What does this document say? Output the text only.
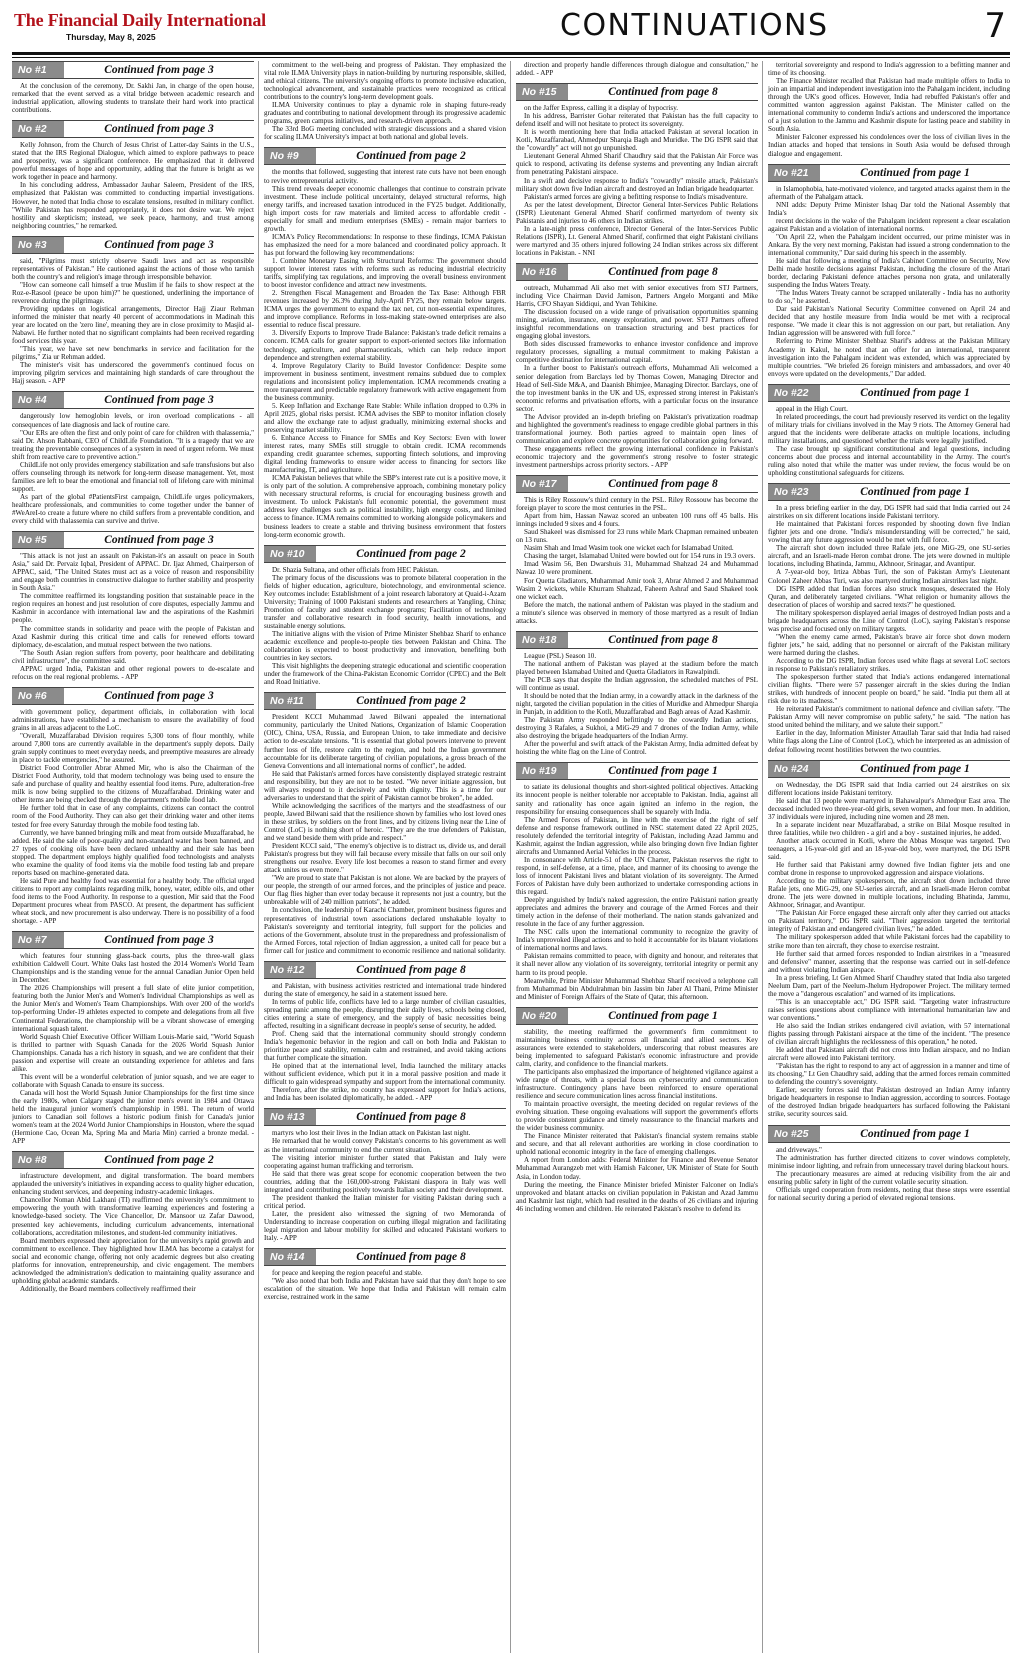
The Financial Daily International
Thursday, May 8, 2025	CONTINUATIONS	7
No #1	Continued from page 3

At the conclusion of the ceremony, Dr. Sakhi Jan, in charge of the open house, remarked that the event served as a vital bridge between academic research and industrial application, allowing students to translate their hard work into practical contributions.

No #2	Continued from page 3

Kelly Johnson, from the Church of Jesus Christ of Latter-day Saints in the U.S., stated that the IRS Regional Dialogue, which aimed to explore pathways to peace and prosperity, was a significant conference. He emphasized that it delivered powerful messages of hope and opportunity, adding that the future is bright as we work together in peace and harmony.

In his concluding address, Ambassador Jauhar Saleem, President of the IRS, emphasized that Pakistan was committed to conducting impartial investigations. However, he noted that India chose to escalate tensions, resulted in military conflict. "While Pakistan has responded appropriately, it does not desire war. We reject hostility and skepticism; instead, we seek peace, harmony, and trust among neighboring countries," he remarked.

No #3	Continued from page 3

said, "Pilgrims must strictly observe Saudi laws and act as responsible representatives of Pakistan." He cautioned against the actions of those who tarnish both the country's and religion's image through irresponsible behavior.

"How can someone call himself a true Muslim if he fails to show respect at the Roz-e-Rasool (peace be upon him)?" he questioned, underlining the importance of reverence during the pilgrimage.

Providing updates on logistical arrangements, Director Hajj Ziaur Rehman informed the minister that nearly 40 percent of accommodations in Madinah this year are located on the 'zero line', meaning they are in close proximity to Masjid al-Nabawi. He further noted that no significant complaints had been received regarding food services this year.

"This year, we have set new benchmarks in service and facilitation for the pilgrims," Zia ur Rehman added.

The minister's visit has underscored the government's continued focus on improving pilgrim services and maintaining high standards of care throughout the Hajj season. - APP

No #4	Continued from page 3

dangerously low hemoglobin levels, or iron overload complications - all consequences of late diagnosis and lack of routine care.

"Our ERs are often the first and only point of care for children with thalassemia," said Dr. Ahson Rabbani, CEO of ChildLife Foundation. "It is a tragedy that we are treating the preventable consequences of a system in need of urgent reform. We must shift from reactive care to preventive action."

ChildLife not only provides emergency stabilization and safe transfusions but also offers counseling through its network for long-term disease management. Yet, most families are left to bear the emotional and financial toll of lifelong care with minimal support.

As part of the global #PatientsFirst campaign, ChildLife urges policymakers, healthcare professionals, and communities to come together under the banner of #WeAreI-to create a future where no child suffers from a preventable condition, and every child with thalassemia can survive and thrive.

No #5	Continued from page 3

"This attack is not just an assault on Pakistan-it's an assault on peace in South Asia," said Dr. Pervaiz Iqbal, President of APPAC. Dr. Ijaz Ahmed, Chairperson of APPAC, said, "The United States must act as a voice of reason and responsibility and engage both countries in constructive dialogue to further stability and prosperity in South Asia."

The committee reaffirmed its longstanding position that sustainable peace in the region requires an honest and just resolution of core disputes, especially Jammu and Kashmir in accordance with international law and the aspirations of the Kashmiri people.

The committee stands in solidarity and peace with the people of Pakistan and Azad Kashmir during this critical time and calls for renewed efforts toward diplomacy, de-escalation, and mutual respect between the two nations.

"The South Asian region suffers from poverty, poor healthcare and debilitating civil infrastructure", the committee said.

APPAC urged India, Pakistan and other regional powers to de-escalate and refocus on the real regional problems. - APP

No #6	Continued from page 3

with government policy, department officials, in collaboration with local administrations, have established a mechanism to ensure the availability of food grains in all areas adjacent to the LoC.

"Overall, Muzaffarabad Division requires 5,300 tons of flour monthly, while around 7,800 tons are currently available in the department's supply depots. Daily grain supply continues to meet everyday needs, and preemptive measures are already in place to tackle emergencies," he assured.

District Food Controller Abrar Ahmed Mir, who is also the Chairman of the District Food Authority, told that modern technology was being used to ensure the safe and purchase of quality and healthy essential food items. Pure, adulteration-free milk is now being supplied to the citizens of Muzaffarabad. Drinking water and other items are being checked through the department's mobile food lab.

He further told that in case of any complaints, citizens can contact the control room of the Food Authority. They can also get their drinking water and other items tested for free every Saturday through the mobile food testing lab.

Currently, we have banned bringing milk and meat from outside Muzaffarabad, he added. He said the sale of poor-quality and non-standard water has been banned, and 27 types of cooking oils have been declared unhealthy and their sale has been stopped. The department employs highly qualified food technologists and analysts who examine the quality of food items via the mobile food testing lab and prepare reports based on machine-generated data.

He said Pure and healthy food was essential for a healthy body. The official urged citizens to report any complaints regarding milk, honey, water, edible oils, and other food items to the Food Authority. In response to a question, Mir said that the Food Department procures wheat from PASCO. At present, the department has sufficient wheat stock, and new procurement is also underway. There is no possibility of a food shortage. - APP

No #7	Continued from page 3

which features four stunning glass-back courts, plus the three-wall glass exhibition Caldwell Court. White Oaks last hosted the 2014 Women's World Team Championships and is the standing venue for the annual Canadian Junior Open held in December.

The 2026 Championships will present a full slate of elite junior competition, featuring both the Junior Men's and Women's Individual Championships as well as the Junior Men's and Women's Team Championships. With over 200 of the world's top-performing Under-19 athletes expected to compete and delegations from all five Continental Federations, the championship will be a vibrant showcase of emerging international squash talent.

World Squash Chief Executive Officer William Louis-Marie said, "World Squash is thrilled to partner with Squash Canada for the 2026 World Squash Junior Championships. Canada has a rich history in squash, and we are confident that their passion and expertise will create an outstanding experience for athletes and fans alike.

This event will be a wonderful celebration of junior squash, and we are eager to collaborate with Squash Canada to ensure its success.

Canada will host the World Squash Junior Championships for the first time since the early 1980s, when Calgary staged the junior men's event in 1984 and Ottawa held the inaugural junior women's championship in 1981. The return of world juniors to Canadian soil follows a historic podium finish for Canada's junior women's team at the 2024 World Junior Championships in Houston, where the squad (Hermione Cao, Ocean Ma, Spring Ma and Maria Min) carried a bronze medal. - APP

No #8	Continued from page 2

infrastructure development, and digital transformation. The board members applauded the university's initiatives in expanding access to quality higher education, enhancing student services, and deepening industry-academic linkages.

Chancellor Noman Abid Lakhani (TI) reaffirmed the university's commitment to empowering the youth with transformative learning experiences and fostering a knowledge-based society. The Vice Chancellor, Dr. Mansoor uz Zafar Dawood, presented key achievements, including curriculum advancements, international collaborations, accreditation milestones, and student-led community initiatives.

Board members expressed their appreciation for the university's rapid growth and commitment to excellence. They highlighted how ILMA has become a catalyst for social and economic change, offering not only academic degrees but also creating platforms for innovation, entrepreneurship, and civic engagement. The members acknowledged the administration's dedication to maintaining quality assurance and upholding global academic standards.

Additionally, the Board members collectively reaffirmed their

commitment to the well-being and progress of Pakistan. They emphasized the vital role ILMA University plays in nation-building by nurturing responsible, skilled, and ethical citizens. The university's ongoing efforts to promote inclusive education, technological advancement, and sustainable practices were recognized as critical contributions to the country's long-term development goals.

ILMA University continues to play a dynamic role in shaping future-ready graduates and contributing to national development through its progressive academic programs, green campus initiatives, and research-driven approach.

The 33rd BoG meeting concluded with strategic discussions and a shared vision for scaling ILMA University's impact at both national and global levels.

No #9	Continued from page 2

the months that followed, suggesting that interest rate cuts have not been enough to revive entrepreneurial activity.

This trend reveals deeper economic challenges that continue to constrain private investment. These include political uncertainty, delayed structural reforms, high energy tariffs, and increased taxation introduced in the FY25 budget. Additionally, high import costs for raw materials and limited access to affordable credit - especially for small and medium enterprises (SMEs) - remain major barriers to growth.

ICMA's Policy Recommendations: In response to these findings, ICMA Pakistan has emphasized the need for a more balanced and coordinated policy approach. It has put forward the following key recommendations:

1. Combine Monetary Easing with Structural Reforms: The government should support lower interest rates with reforms such as reducing industrial electricity tariffs, simplifying tax regulations, and improving the overall business environment to boost investor confidence and attract new investments.

2. Strengthen Fiscal Management and Broaden the Tax Base: Although FBR revenues increased by 26.3% during July-April FY25, they remain below targets. ICMA urges the government to expand the tax net, cut non-essential expenditures, and improve compliance. Reforms in loss-making state-owned enterprises are also essential to reduce fiscal pressure.

3. Diversify Exports to Improve Trade Balance: Pakistan's trade deficit remains a concern. ICMA calls for greater support to export-oriented sectors like information technology, agriculture, and pharmaceuticals, which can help reduce import dependence and strengthen external stability.

4. Improve Regulatory Clarity to Build Investor Confidence: Despite some improvement in business sentiment, investment remains subdued due to complex regulations and inconsistent policy implementation. ICMA recommends creating a more transparent and predictable regulatory framework with active engagement from the business community.

5. Keep Inflation and Exchange Rate Stable: While inflation dropped to 0.3% in April 2025, global risks persist. ICMA advises the SBP to monitor inflation closely and allow the exchange rate to adjust gradually, minimizing external shocks and preserving market stability.

6. Enhance Access to Finance for SMEs and Key Sectors: Even with lower interest rates, many SMEs still struggle to obtain credit. ICMA recommends expanding credit guarantee schemes, supporting fintech solutions, and improving digital lending frameworks to ensure wider access to financing for sectors like manufacturing, IT, and agriculture.

ICMA Pakistan believes that while the SBP's interest rate cut is a positive move, it is only part of the solution. A comprehensive approach, combining monetary policy with necessary structural reforms, is crucial for encouraging business growth and investment. To unlock Pakistan's full economic potential, the government must address key challenges such as political instability, high energy costs, and limited access to finance. ICMA remains committed to working alongside policymakers and business leaders to create a stable and thriving business environment that fosters long-term economic growth.

No #10	Continued from page 2

Dr. Shazia Sultana, and other officials from HEC Pakistan.

The primary focus of the discussions was to promote bilateral cooperation in the fields of higher education, agriculture, biotechnology, and environmental science. Key outcomes include: Establishment of a joint research laboratory at Quaid-i-Azam University; Training of 1000 Pakistani students and researchers at Yangling, China; Promotion of faculty and student exchange programs; Facilitation of technology transfer and collaborative research in food security, health innovations, and sustainable energy solutions.

The initiative aligns with the vision of Prime Minister Shehbaz Sharif to enhance academic excellence and people-to-people ties between Pakistan and China. The collaboration is expected to boost productivity and innovation, benefiting both countries in key sectors.

This visit highlights the deepening strategic educational and scientific cooperation under the framework of the China-Pakistan Economic Corridor (CPEC) and the Belt and Road Initiative.

No #11	Continued from page 2

President KCCI Muhammad Jawed Bilwani appealed the international community, particularly the United Nations, Organization of Islamic Cooperation (OIC), China, USA, Russia, and European Union, to take immediate and decisive action to de-escalate tensions. "It is essential that global powers intervene to prevent further loss of life, restore calm to the region, and hold the Indian government accountable for its deliberate targeting of civilian populations, a gross breach of the Geneva Conventions and all international norms of conflict", he added.

He said that Pakistan's armed forces have consistently displayed strategic restraint and responsibility, but they are not to be tested. "We never initiate aggression, but will always respond to it decisively and with dignity. This is a time for our adversaries to understand that the spirit of Pakistan cannot be broken", he added.

While acknowledging the sacrifices of the martyrs and the steadfastness of our people, Jawed Bilwani said that the resilience shown by families who lost loved ones in these strikes, by soldiers on the front lines, and by citizens living near the Line of Control (LoC) is nothing short of heroic. "They are the true defenders of Pakistan, and we stand beside them with pride and respect."

President KCCI said, "The enemy's objective is to distract us, divide us, and derail Pakistan's progress but they will fail because every missile that falls on our soil only strengthens our resolve. Every life lost becomes a reason to stand firmer and every attack unites us even more."

"We are proud to state that Pakistan is not alone. We are backed by the prayers of our people, the strength of our armed forces, and the principles of justice and peace. Our flag flies higher than ever today because it represents not just a country, but the unbreakable will of 240 million patriots", he added.

In conclusion, the leadership of Karachi Chamber, prominent business figures and representatives of industrial town associations declared unshakable loyalty to Pakistan's sovereignty and territorial integrity, full support for the policies and actions of the Government, absolute trust in the preparedness and professionalism of the Armed Forces, total rejection of Indian aggression, a united call for peace but a firmer call for justice and commitment to economic resilience and national solidarity.

No #12	Continued from page 8

and Pakistan, with business activities restricted and international trade hindered during the state of emergency, he said in a statement issued here.

In terms of public life, conflicts have led to a large number of civilian casualties, spreading panic among the people, disrupting their daily lives, schools being closed, cities entering a state of emergency, and the supply of basic necessities being affected, resulting in a significant decrease in people's sense of security, he added.

Prof. Cheng said that the international community should strongly condemn India's hegemonic behavior in the region and call on both India and Pakistan to prioritize peace and stability, remain calm and restrained, and avoid taking actions that further complicate the situation.

He opined that at the international level, India launched the military attacks without sufficient evidence, which put it in a moral passive position and made it difficult to gain widespread sympathy and support from the international community.

Therefore, after the strike, no country has expressed support for India's actions, and India has been isolated diplomatically, he added. - APP

No #13	Continued from page 8

martyrs who lost their lives in the Indian attack on Pakistan last night.

He remarked that he would convey Pakistan's concerns to his government as well as the international community to end the current situation.

The visiting interior minister further stated that Pakistan and Italy were cooperating against human trafficking and terrorism.

He said that there was great scope for economic cooperation between the two countries, adding that the 160,000-strong Pakistani diaspora in Italy was well integrated and contributing positively towards Italian society and their development.

The president thanked the Italian minister for visiting Pakistan during such a critical period.

Later, the president also witnessed the signing of two Memoranda of Understanding to increase cooperation on curbing illegal migration and facilitating legal migration and labour mobility for skilled and educated Pakistani workers to Italy. - APP

No #14	Continued from page 8

for peace and keeping the region peaceful and stable.

"We also noted that both India and Pakistan have said that they don't hope to see escalation of the situation. We hope that India and Pakistan will remain calm exercise, restrained work in the same

direction and properly handle differences through dialogue and consultation," he added. - APP

No #15	Continued from page 8

on the Jaffer Express, calling it a display of hypocrisy.

In his address, Barrister Gohar reiterated that Pakistan has the full capacity to defend itself and will not hesitate to protect its sovereignty.

It is worth mentioning here that India attacked Pakistan at several location in Kotli, Muzaffarabad, Ahmedpur Sharqia Bagh and Muridke. The DG ISPR said that the "cowardly" act will not go unpunished.

Lieutenant General Ahmed Sharif Chaudhry said that the Pakistan Air Force was quick to respond, activating its defense systems and preventing any Indian aircraft from penetrating Pakistani airspace.

In a swift and decisive response to India's "cowardly" missile attack, Pakistan's military shot down five Indian aircraft and destroyed an Indian brigade headquarter.

Pakistan's armed forces are giving a befitting response to India's misadventure.

As per the latest development, Director General Inter-Services Public Relations (ISPR) Lieutenant General Ahmed Sharif confirmed martyrdom of twenty six Pakistanis and injuries to 46 others in Indian strikes.

In a late-night press conference, Director General of the Inter-Services Public Relations (ISPR), Lt. General Ahmed Sharif, confirmed that eight Pakistani civilians were martyred and 35 others injured following 24 Indian strikes across six different locations in Pakistan. - NNI

No #16	Continued from page 8

outreach, Muhammad Ali also met with senior executives from STJ Partners, including Vice Chairman David Jamison, Partners Angelo Morganti and Mike Harris, CFO Shayan Siddiqui, and Yvan Tehikine.

The discussion focused on a wide range of privatisation opportunities spanning mining, aviation, insurance, energy exploration, and power. STJ Partners offered insightful recommendations on transaction structuring and best practices for engaging global investors.

Both sides discussed frameworks to enhance investor confidence and improve regulatory processes, signalling a mutual commitment to making Pakistan a competitive destination for international capital.

In a further boost to Pakistan's outreach efforts, Muhammad Ali welcomed a senior delegation from Barclays led by Thomas Cowen, Managing Director and Head of Sell-Side M&A, and Daanish Bhimjee, Managing Director. Barclays, one of the top investment banks in the UK and US, expressed strong interest in Pakistan's economic reforms and privatisation efforts, with a particular focus on the insurance sector.

The Advisor provided an in-depth briefing on Pakistan's privatization roadmap and highlighted the government's readiness to engage credible global partners in this transformational journey. Both parties agreed to maintain open lines of communication and explore concrete opportunities for collaboration going forward.

These engagements reflect the growing international confidence in Pakistan's economic trajectory and the government's strong resolve to foster strategic investment partnerships across priority sectors. - APP

No #17	Continued from page 8

This is Riley Rossouw's third century in the PSL. Riley Rossouw has become the foreign player to score the most centuries in the PSL.

Apart from him, Hassan Nawaz scored an unbeaten 100 runs off 45 balls. His innings included 9 sixes and 4 fours.

Saud Shakeel was dismissed for 23 runs while Mark Chapman remained unbeaten on 13 runs.

Nasim Shah and Imad Wasim took one wicket each for Islamabad United.

Chasing the target, Islamabad United were bowled out for 154 runs in 19.3 overs.

Imad Wasim 56, Ben Dwarshuis 31, Muhammad Shahzad 24 and Muhammad Nawaz 10 were prominent.

For Quetta Gladiators, Muhammad Amir took 3, Abrar Ahmed 2 and Muhammad Wasim 2 wickets, while Khurram Shahzad, Faheem Ashraf and Saud Shakeel took one wicket each.

Before the match, the national anthem of Pakistan was played in the stadium and a minute's silence was observed in memory of those martyred as a result of Indian attacks.

No #18	Continued from page 8

League (PSL) Season 10.

The national anthem of Pakistan was played at the stadium before the match played between Islamabad United and Quetta Gladiators in Rawalpindi.

The PCB says that despite the Indian aggression, the scheduled matches of PSL will continue as usual.

It should be noted that the Indian army, in a cowardly attack in the darkness of the night, targeted the civilian population in the cities of Muridke and Ahmedpur Sharqia in Punjab, in addition to the Kotli, Muzaffarabad and Bagh areas of Azad Kashmir.

The Pakistan Army responded befittingly to the cowardly Indian actions, destroying 3 Rafales, a Sukhoi, a MiG-29 and 7 drones of the Indian Army, while also destroying the brigade headquarters of the Indian Army.

After the powerful and swift attack of the Pakistan Army, India admitted defeat by hoisting the white flag on the Line of Control.

No #19	Continued from page 1

to satiate its delusional thoughts and short-sighted political objectives. Attacking its innocent people is neither tolerable nor acceptable to Pakistan. India, against all sanity and rationality has once again ignited an inferno in the region, the responsibility for ensuing consequences shall be squarely with India.

The Armed Forces of Pakistan, in line with the exercise of the right of self defense and response framework outlined in NSC statement dated 22 April 2025, resolutely defended the territorial integrity of Pakistan, including Azad Jammu and Kashmir, against the Indian aggression, while also bringing down five Indian fighter aircrafts and Unmanned Aerial Vehicles in the process.

In consonance with Article-51 of the UN Charter, Pakistan reserves the right to respond, in self-defense, at a time, place, and manner of its choosing to avenge the loss of innocent Pakistani lives and blatant violation of its sovereignty. The Armed Forces of Pakistan have duly been authorized to undertake corresponding actions in this regard.

Deeply anguished by India's naked aggression, the entire Pakistani nation greatly appreciates and admires the bravery and courage of the Armed Forces and their timely action in the defense of their motherland. The nation stands galvanized and resolute in the face of any further aggression.

The NSC calls upon the international community to recognize the gravity of India's unprovoked illegal actions and to hold it accountable for its blatant violations of international norms and laws.

Pakistan remains committed to peace, with dignity and honour, and reiterates that it shall never allow any violation of its sovereignty, territorial integrity or permit any harm to its proud people.

Meanwhile, Prime Minister Muhammad Shehbaz Sharif received a telephone call from Muhammad bin Abdulrahman bin Jassim bin Jaber Al Thani, Prime Minister and Minister of Foreign Affairs of the State of Qatar, this afternoon.

No #20	Continued from page 1

stability, the meeting reaffirmed the government's firm commitment to maintaining business continuity across all financial and allied sectors. Key assurances were extended to stakeholders, underscoring that robust measures are being implemented to safeguard Pakistan's economic infrastructure and provide calm, clarity, and confidence to the financial markets.

The participants also emphasized the importance of heightened vigilance against a wide range of threats, with a special focus on cybersecurity and communication infrastructure. Contingency plans have been reinforced to ensure operational resilience and secure communication lines across financial institutions.

To maintain proactive oversight, the meeting decided on regular reviews of the evolving situation. These ongoing evaluations will support the government's efforts to provide consistent guidance and timely reassurance to the financial markets and the wider business community.

The Finance Minister reiterated that Pakistan's financial system remains stable and secure, and that all relevant authorities are working in close coordination to uphold national economic integrity in the face of emerging challenges.

A report from London adds: Federal Minister for Finance and Revenue Senator Muhammad Aurangzeb met with Hamish Falconer, UK Minister of State for South Asia, in London today.

During the meeting, the Finance Minister briefed Minister Falconer on India's unprovoked and blatant attacks on civilian population in Pakistan and Azad Jammu and Kashmir last night, which had resulted in the deaths of 26 civilians and injuring 46 including women and children. He reiterated Pakistan's resolve to defend its

territorial sovereignty and respond to India's aggression to a befitting manner and time of its choosing.

The Finance Minister recalled that Pakistan had made multiple offers to India to join an impartial and independent investigation into the Pahalgam incident, including through the UK's good offices. However, India had rebuffed Pakistan's offer and committed wanton aggression against Pakistan. The Minister called on the international community to condemn India's actions and underscored the importance of a just solution to the Jammu and Kashmir dispute for lasting peace and stability in South Asia.

Minister Falconer expressed his condolences over the loss of civilian lives in the Indian attacks and hoped that tensions in South Asia would be defused through dialogue and engagement.

No #21	Continued from page 1

in Islamophobia, hate-motivated violence, and targeted attacks against them in the aftermath of the Pahalgam attack.

NNI adds: Deputy Prime Minister Ishaq Dar told the National Assembly that India's

recent decisions in the wake of the Pahalgam incident represent a clear escalation against Pakistan and a violation of international norms.

"On April 22, when the Pahalgam incident occurred, our prime minister was in Ankara. By the very next morning, Pakistan had issued a strong condemnation to the international community," Dar said during his speech in the assembly.

He said that following a meeting of India's Cabinet Committee on Security, New Delhi made hostile decisions against Pakistan, including the closure of the Attari border, declaring Pakistani defence attaches persona non grata, and unilaterally suspending the Indus Waters Treaty.

"The Indus Waters Treaty cannot be scrapped unilaterally - India has no authority to do so," he asserted.

Dar said Pakistan's National Security Committee convened on April 24 and decided that any hostile measure from India would be met with a reciprocal response. "We made it clear this is not aggression on our part, but retaliation. Any Indian aggression will be answered with full force."

Referring to Prime Minister Shehbaz Sharif's address at the Pakistan Military Academy in Kakul, he noted that an offer for an international, transparent investigation into the Pahalgam incident was extended, which was appreciated by multiple countries. "We briefed 26 foreign ministers and ambassadors, and over 40 envoys were updated on the developments," Dar added.

No #22	Continued from page 1

appeal in the High Court.

In related proceedings, the court had previously reserved its verdict on the legality of military trials for civilians involved in the May 9 riots. The Attorney General had argued that the incidents were deliberate attacks on multiple locations, including military installations, and questioned whether the trials were legally justified.

The case brought up significant constitutional and legal questions, including concerns about due process and internal accountability in the Army. The court's ruling also noted that while the matter was under review, the focus would be on upholding constitutional safeguards for citizens.

No #23	Continued from page 1

In a press briefing earlier in the day, DG ISPR had said that India carried out 24 airstrikes on six different locations inside Pakistani territory.

He maintained that Pakistani forces responded by shooting down five Indian fighter jets and one drone. "India's misunderstanding will be corrected," he said, vowing that any future aggression would be met with full force.

The aircraft shot down included three Rafale jets, one MiG-29, one SU-series aircraft, and an Israeli-made Heron combat drone. The jets were downed in multiple locations, including Bhatinda, Jammu, Akhnoor, Srinagar, and Avantipur.

A 7-year-old boy, Irtiza Abbas Turi, the son of Pakistan Army's Lieutenant Colonel Zaheer Abbas Turi, was also martyred during Indian airstrikes last night.

DG ISPR added that Indian forces also struck mosques, desecrated the Holy Quran, and deliberately targeted civilians. "What religion or humanity allows the desecration of places of worship and sacred texts?" he questioned.

The military spokesperson displayed aerial images of destroyed Indian posts and a brigade headquarters across the Line of Control (LoC), saying Pakistan's response was precise and focused only on military targets.

"When the enemy came armed, Pakistan's brave air force shot down modern fighter jets," he said, adding that no personnel or aircraft of the Pakistan military were harmed during the clashes.

According to the DG ISPR, Indian forces used white flags at several LoC sectors in response to Pakistan's retaliatory strikes.

The spokesperson further stated that India's actions endangered international civilian flights. "There were 57 passenger aircraft in the skies during the Indian strikes, with hundreds of innocent people on board," he said. "India put them all at risk due to its madness."

He reiterated Pakistan's commitment to national defence and civilian safety. "The Pakistan Army will never compromise on public safety," he said. "The nation has stood united behind the military, and we salute their support."

Earlier in the day, Information Minister Attaullah Tarar said that India had raised white flags along the Line of Control (LoC), which he interpreted as an admission of defeat following recent hostilities between the two countries.

No #24	Continued from page 1

on Wednesday, the DG ISPR said that India carried out 24 airstrikes on six different locations inside Pakistani territory.

He said that 13 people were martyred in Bahawalpur's Ahmedpur East area. The deceased included two three-year-old girls, seven women, and four men. In addition, 37 individuals were injured, including nine women and 28 men.

In a separate incident near Muzaffarabad, a strike on Bilal Mosque resulted in three fatalities, while two children - a girl and a boy - sustained injuries, he added.

Another attack occurred in Kotli, where the Abbas Mosque was targeted. Two teenagers, a 16-year-old girl and an 18-year-old boy, were martyred, the DG ISPR said.

He further said that Pakistani army downed five Indian fighter jets and one combat drone in response to unprovoked aggression and airspace violations.

According to the military spokesperson, the aircraft shot down included three Rafale jets, one MiG-29, one SU-series aircraft, and an Israeli-made Heron combat drone. The jets were downed in multiple locations, including Bhatinda, Jammu, Akhnoor, Srinagar, and Avantipur.

"The Pakistan Air Force engaged these aircraft only after they carried out attacks on Pakistani territory," DG ISPR said. "Their aggression targeted the territorial integrity of Pakistan and endangered civilian lives," he added.

The military spokesperson added that while Pakistani forces had the capability to strike more than ten aircraft, they chose to exercise restraint.

He further said that armed forces responded to Indian airstrikes in a "measured and defensive" manner, asserting that the response was carried out in self-defence and without violating Indian airspace.

In a press briefing, Lt Gen Ahmed Sharif Chaudhry stated that India also targeted Neelum Dam, part of the Neelum-Jhelum Hydropower Project. The military termed the move a "dangerous escalation" and warned of its implications.

"This is an unacceptable act," DG ISPR said. "Targeting water infrastructure raises serious questions about compliance with international humanitarian law and war conventions."

He also said the Indian strikes endangered civil aviation, with 57 international flights passing through Pakistani airspace at the time of the incident. "The presence of civilian aircraft highlights the recklessness of this operation," he noted.

He added that Pakistani aircraft did not cross into Indian airspace, and no Indian aircraft were allowed into Pakistani territory.

"Pakistan has the right to respond to any act of aggression in a manner and time of its choosing," Lt Gen Chaudhry said, adding that the armed forces remain committed to defending the country's sovereignty.

Earlier, security forces said that Pakistan destroyed an Indian Army infantry brigade headquarters in response to Indian aggression, according to sources. Footage of the destroyed Indian brigade headquarters has surfaced following the Pakistani strike, security sources said.

No #25	Continued from page 1

and driveways."

The administration has further directed citizens to cover windows completely, minimise indoor lighting, and refrain from unnecessary travel during blackout hours.

The precautionary measures are aimed at reducing visibility from the air and ensuring public safety in light of the current volatile security situation.

Officials urged cooperation from residents, noting that these steps were essential for national security during a period of elevated regional tensions.
